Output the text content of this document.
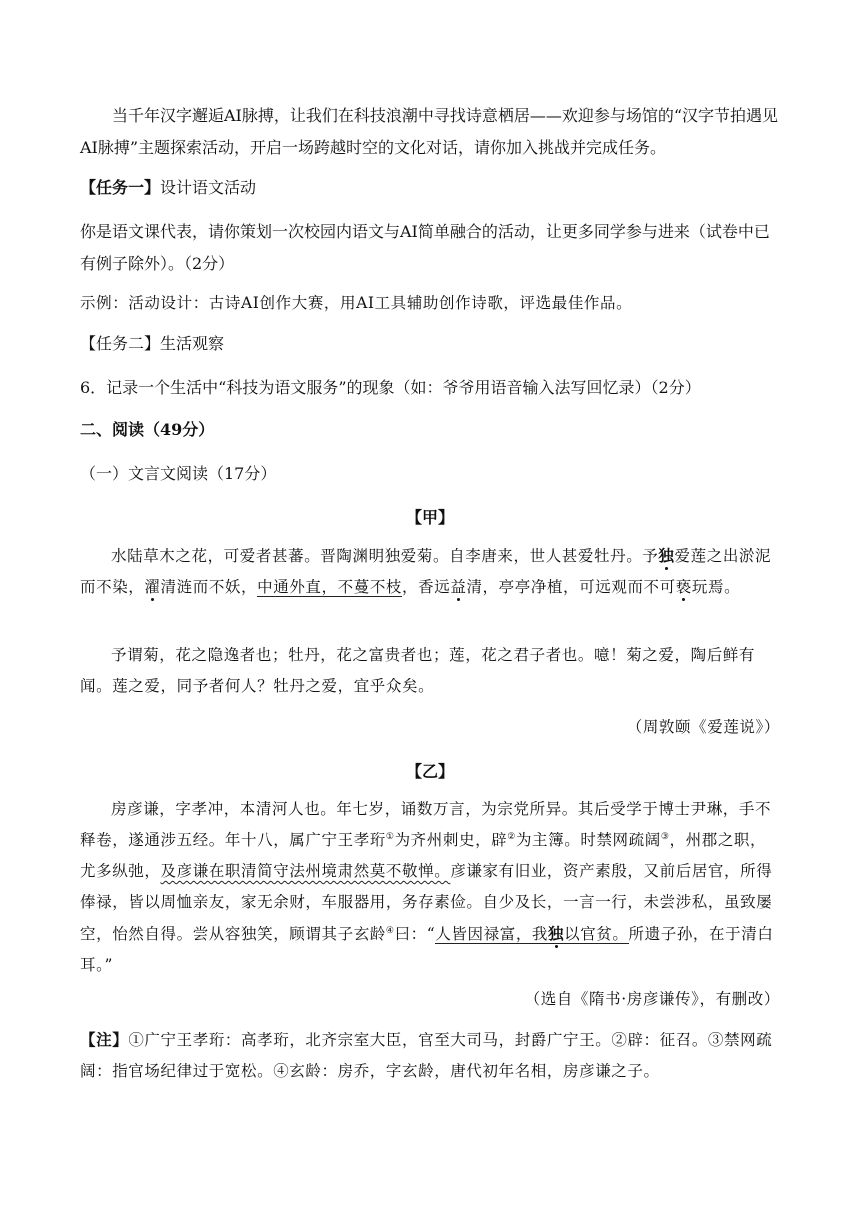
当千年汉字邂逅AI脉搏，让我们在科技浪潮中寻找诗意栖居——欢迎参与场馆的“汉字节拍遇见AI脉搏”主题探索活动，开启一场跨越时空的文化对话，请你加入挑战并完成任务。

【任务一】设计语文活动

你是语文课代表，请你策划一次校园内语文与AI简单融合的活动，让更多同学参与进来（试卷中已有例子除外）。（2分）

示例：活动设计：古诗AI创作大赛，用AI工具辅助创作诗歌，评选最佳作品。

【任务二】生活观察

6．记录一个生活中“科技为语文服务”的现象（如：爷爷用语音输入法写回忆录）（2分）

二、阅读（49分）

（一）文言文阅读（17分）

【甲】

水陆草木之花，可爱者甚蕃。晋陶渊明独爱菊。自李唐来，世人甚爱牡丹。予独爱莲之出淤泥而不染，濯清涟而不妖，中通外直，不蔓不枝，香远益清，亭亭净植，可远观而不可亵玩焉。

予谓菊，花之隐逸者也；牡丹，花之富贵者也；莲，花之君子者也。噫！菊之爱，陶后鲜有闻。莲之爱，同予者何人？牡丹之爱，宜乎众矣。

（周敦颐《爱莲说》）

【乙】

房彦谦，字孝冲，本清河人也。年七岁，诵数万言，为宗党所异。其后受学于博士尹琳，手不释卷，遂通涉五经。年十八，属广宁王孝珩①为齐州刺史，辟②为主簿。时禁网疏阔③，州郡之职，尤多纵弛，及彦谦在职清简守法州境肃然莫不敬惮。彦谦家有旧业，资产素殷，又前后居官，所得俸禄，皆以周恤亲友，家无余财，车服器用，务存素俭。自少及长，一言一行，未尝涉私，虽致屡空，怡然自得。尝从容独笑，顾谓其子玄龄④曰：“人皆因禄富，我独以官贫。所遗子孙，在于清白耳。”

（选自《隋书·房彦谦传》，有删改）

【注】①广宁王孝珩：高孝珩，北齐宗室大臣，官至大司马，封爵广宁王。②辟：征召。③禁网疏阔：指官场纪律过于宽松。④玄龄：房乔，字玄龄，唐代初年名相，房彦谦之子。
